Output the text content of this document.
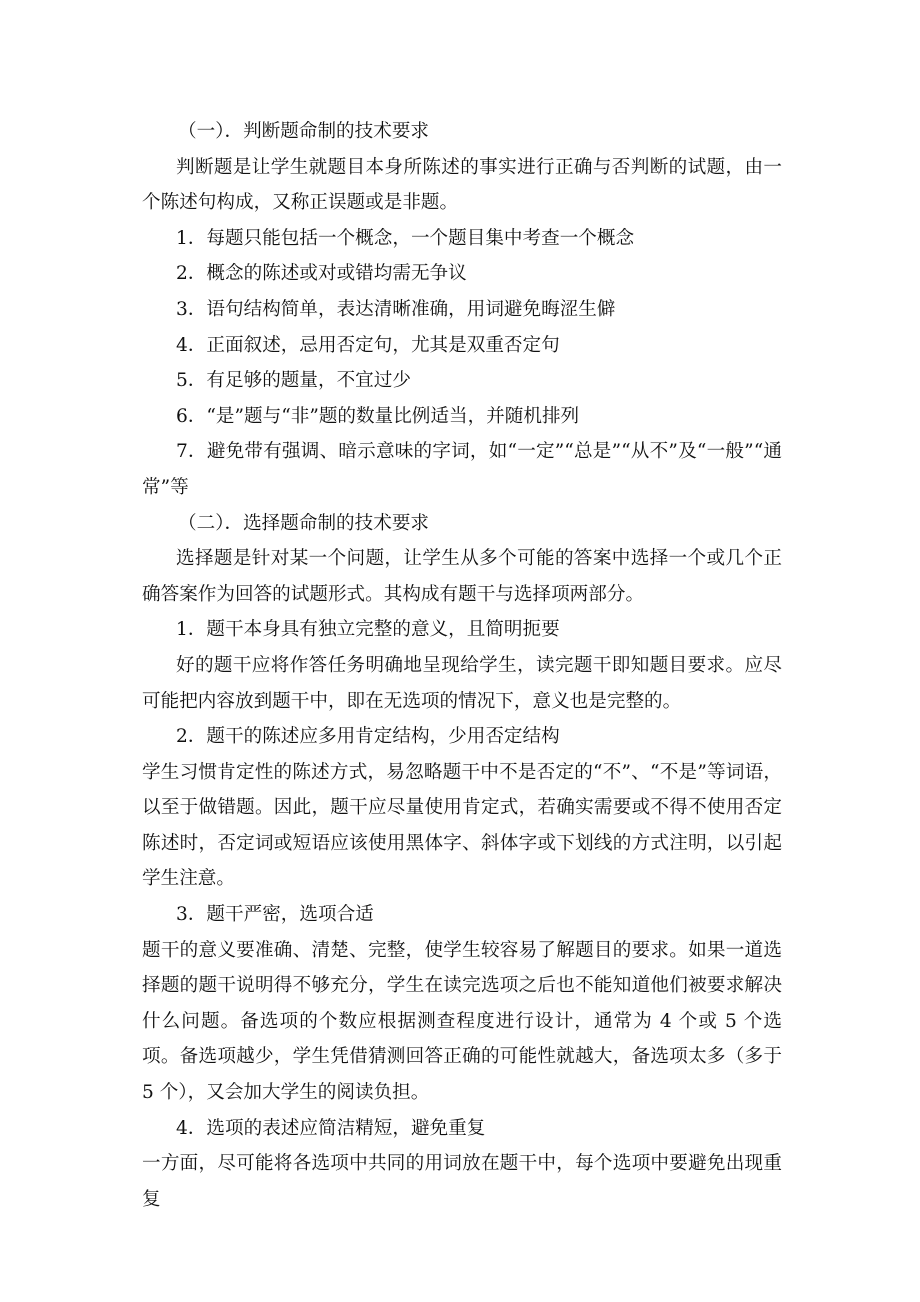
（一）．判断题命制的技术要求

判断题是让学生就题目本身所陈述的事实进行正确与否判断的试题，由一个陈述句构成，又称正误题或是非题。

1．每题只能包括一个概念，一个题目集中考查一个概念

2．概念的陈述或对或错均需无争议

3．语句结构简单，表达清晰准确，用词避免晦涩生僻

4．正面叙述，忌用否定句，尤其是双重否定句

5．有足够的题量，不宜过少

6．“是”题与“非”题的数量比例适当，并随机排列

7．避免带有强调、暗示意味的字词，如“一定”“总是”“从不”及“一般”“通常”等

（二）．选择题命制的技术要求

选择题是针对某一个问题，让学生从多个可能的答案中选择一个或几个正确答案作为回答的试题形式。其构成有题干与选择项两部分。

1．题干本身具有独立完整的意义，且简明扼要

好的题干应将作答任务明确地呈现给学生，读完题干即知题目要求。应尽可能把内容放到题干中，即在无选项的情况下，意义也是完整的。

2．题干的陈述应多用肯定结构，少用否定结构

学生习惯肯定性的陈述方式，易忽略题干中不是否定的“不”、“不是”等词语，以至于做错题。因此，题干应尽量使用肯定式，若确实需要或不得不使用否定陈述时，否定词或短语应该使用黑体字、斜体字或下划线的方式注明，以引起学生注意。

3．题干严密，选项合适

题干的意义要准确、清楚、完整，使学生较容易了解题目的要求。如果一道选择题的题干说明得不够充分，学生在读完选项之后也不能知道他们被要求解决什么问题。备选项的个数应根据测查程度进行设计，通常为 4 个或 5 个选项。备选项越少，学生凭借猜测回答正确的可能性就越大，备选项太多（多于 5 个），又会加大学生的阅读负担。

4．选项的表述应简洁精短，避免重复

一方面，尽可能将各选项中共同的用词放在题干中，每个选项中要避免出现重复
